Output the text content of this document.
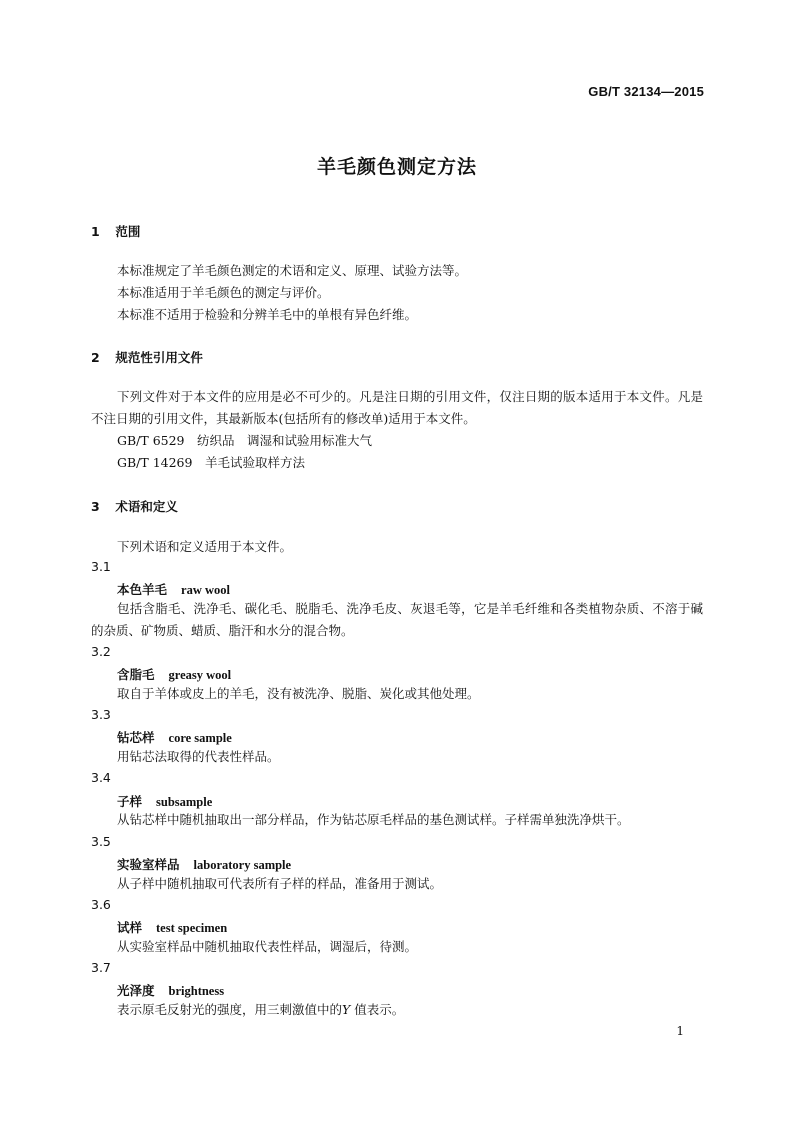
GB/T 32134—2015
羊毛颜色测定方法
1 范围
本标准规定了羊毛颜色测定的术语和定义、原理、试验方法等。
本标准适用于羊毛颜色的测定与评价。
本标准不适用于检验和分辨羊毛中的单根有异色纤维。
2 规范性引用文件
下列文件对于本文件的应用是必不可少的。凡是注日期的引用文件，仅注日期的版本适用于本文件。凡是不注日期的引用文件，其最新版本(包括所有的修改单)适用于本文件。
GB/T 6529　纺织品　调湿和试验用标准大气
GB/T 14269　羊毛试验取样方法
3 术语和定义
下列术语和定义适用于本文件。
3.1
本色羊毛 raw wool
包括含脂毛、洗净毛、碳化毛、脱脂毛、洗净毛皮、灰退毛等，它是羊毛纤维和各类植物杂质、不溶于碱的杂质、矿物质、蜡质、脂汗和水分的混合物。
3.2
含脂毛 greasy wool
取自于羊体或皮上的羊毛，没有被洗净、脱脂、炭化或其他处理。
3.3
钻芯样 core sample
用钻芯法取得的代表性样品。
3.4
子样 subsample
从钻芯样中随机抽取出一部分样品，作为钻芯原毛样品的基色测试样。子样需单独洗净烘干。
3.5
实验室样品 laboratory sample
从子样中随机抽取可代表所有子样的样品，准备用于测试。
3.6
试样 test specimen
从实验室样品中随机抽取代表性样品，调湿后，待测。
3.7
光泽度 brightness
表示原毛反射光的强度，用三刺激值中的Y 值表示。
1
